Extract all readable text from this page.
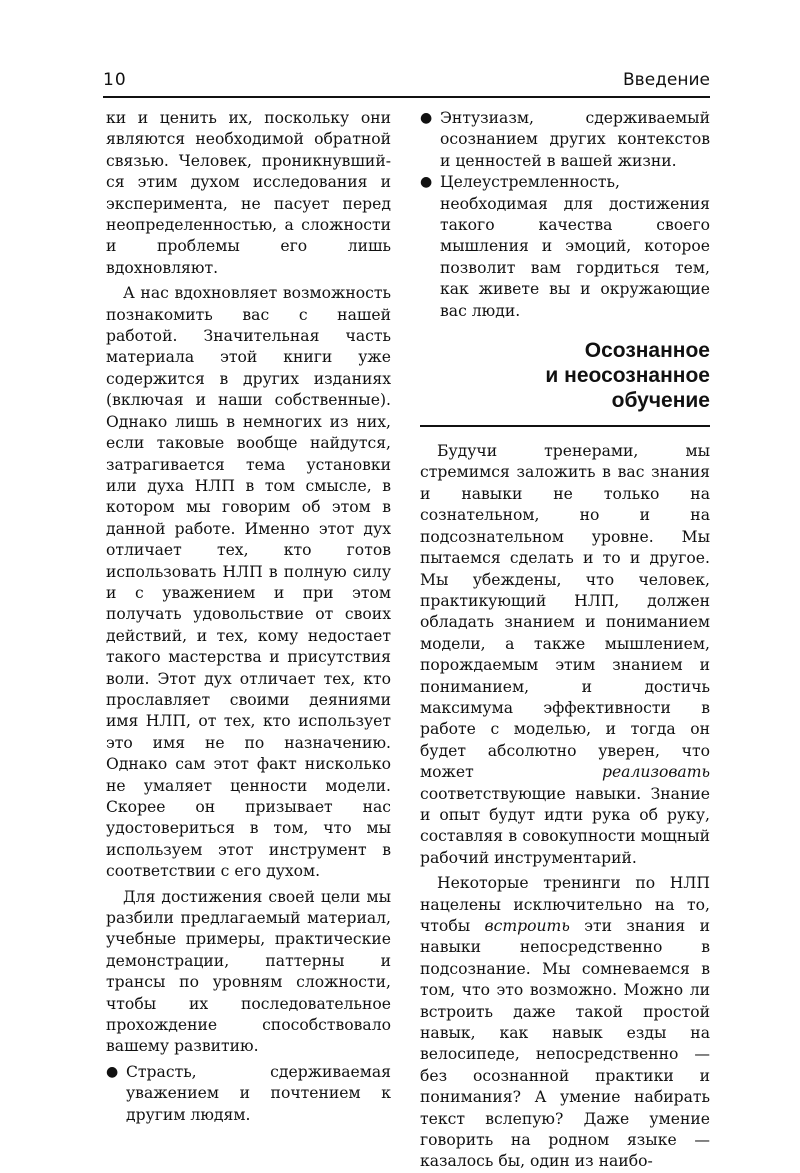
10	Введение

ки и ценить их, поскольку они являются необходимой обратной связью. Человек, проникнувший-ся этим духом исследования и эксперимента, не пасует перед неопределенностью, а сложности и проблемы его лишь вдохновляют.

А нас вдохновляет возможность познакомить вас с нашей работой. Значительная часть материала этой книги уже содержится в других изданиях (включая и наши собственные). Однако лишь в немногих из них, если таковые вообще найдутся, затрагивается тема установки или духа НЛП в том смысле, в котором мы говорим об этом в данной работе. Именно этот дух отличает тех, кто готов использовать НЛП в полную силу и с уважением и при этом получать удовольствие от своих действий, и тех, кому недостает такого мастерства и присутствия воли. Этот дух отличает тех, кто прославляет своими деяниями имя НЛП, от тех, кто использует это имя не по назначению. Однако сам этот факт нисколько не умаляет ценности модели. Скорее он призывает нас удостовериться в том, что мы используем этот инструмент в соответствии с его духом.

Для достижения своей цели мы разбили предлагаемый материал, учебные примеры, практические демонстрации, паттерны и трансы по уровням сложности, чтобы их последовательное прохождение способствовало вашему развитию.

● Страсть, сдерживаемая уважением и почтением к другим людям.
● Энтузиазм, сдерживаемый осознанием других контекстов и ценностей в вашей жизни.
● Целеустремленность, необходимая для достижения такого качества своего мышления и эмоций, которое позволит вам гордиться тем, как живете вы и окружающие вас люди.
Осознанное
и неосознанное
обучение

Будучи тренерами, мы стремимся заложить в вас знания и навыки не только на сознательном, но и на подсознательном уровне. Мы пытаемся сделать и то и другое. Мы убеждены, что человек, практикующий НЛП, должен обладать знанием и пониманием модели, а также мышлением, порождаемым этим знанием и пониманием, и достичь максимума эффективности в работе с моделью, и тогда он будет абсолютно уверен, что может	реализовать соответствующие навыки. Знание и опыт будут идти рука об руку, составляя в совокупности мощный рабочий инструментарий.

Некоторые тренинги по НЛП нацелены исключительно на то, чтобы встроить эти знания и навыки непосредственно в подсознание. Мы сомневаемся в том, что это возможно. Можно ли встроить даже такой простой навык, как навык езды на велосипеде, непосредственно — без осознанной практики и понимания? А умение набирать текст вслепую? Даже умение говорить на родном языке — казалось бы, один из наибо-
